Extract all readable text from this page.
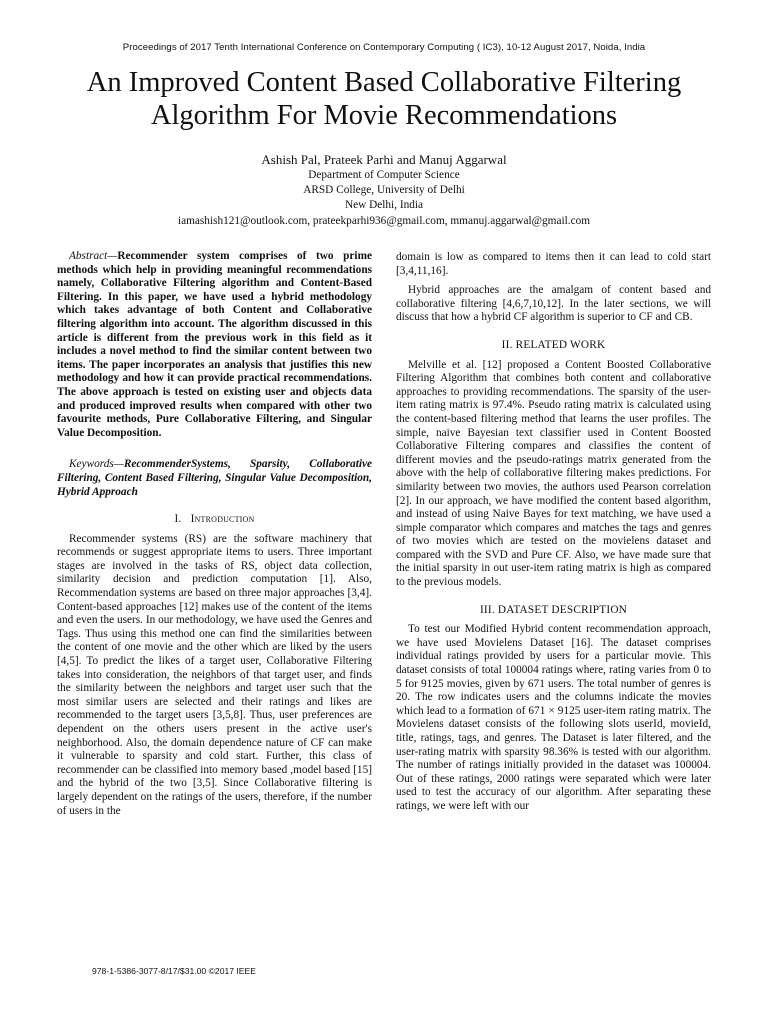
Proceedings of 2017 Tenth International Conference on Contemporary Computing ( IC3), 10-12 August 2017, Noida, India
An Improved Content Based Collaborative Filtering
Algorithm For Movie Recommendations
Ashish Pal, Prateek Parhi and Manuj Aggarwal
Department of Computer Science
ARSD College, University of Delhi
New Delhi, India
iamashish121@outlook.com, prateekparhi936@gmail.com, mmanuj.aggarwal@gmail.com

Abstract—Recommender system comprises of two prime methods which help in providing meaningful recommendations namely, Collaborative Filtering algorithm and Content-Based Filtering. In this paper, we have used a hybrid methodology which takes advantage of both Content and Collaborative filtering algorithm into account. The algorithm discussed in this article is different from the previous work in this field as it includes a novel method to find the similar content between two items. The paper incorporates an analysis that justifies this new methodology and how it can provide practical recommendations. The above approach is tested on existing user and objects data and produced improved results when compared with other two favourite methods, Pure Collaborative Filtering, and Singular Value Decomposition.

Keywords—RecommenderSystems, Sparsity, Collaborative Filtering, Content Based Filtering, Singular Value Decomposition, Hybrid Approach

I. Introduction

Recommender systems (RS) are the software machinery that recommends or suggest appropriate items to users. Three important stages are involved in the tasks of RS, object data collection, similarity decision and prediction computation [1]. Also, Recommendation systems are based on three major approaches [3,4]. Content-based approaches [12] makes use of the content of the items and even the users. In our methodology, we have used the Genres and Tags. Thus using this method one can find the similarities between the content of one movie and the other which are liked by the users [4,5]. To predict the likes of a target user, Collaborative Filtering takes into consideration, the neighbors of that target user, and finds the similarity between the neighbors and target user such that the most similar users are selected and their ratings and likes are recommended to the target users [3,5,8]. Thus, user preferences are dependent on the others users present in the active user's neighborhood. Also, the domain dependence nature of CF can make it vulnerable to sparsity and cold start. Further, this class of recommender can be classified into memory based ,model based [15] and the hybrid of the two [3,5]. Since Collaborative filtering is largely dependent on the ratings of the users, therefore, if the number of users in the

domain is low as compared to items then it can lead to cold start [3,4,11,16].

Hybrid approaches are the amalgam of content based and collaborative filtering [4,6,7,10,12]. In the later sections, we will discuss that how a hybrid CF algorithm is superior to CF and CB.

II. RELATED WORK

Melville et al. [12] proposed a Content Boosted Collaborative Filtering Algorithm that combines both content and collaborative approaches to providing recommendations. The sparsity of the user-item rating matrix is 97.4%. Pseudo rating matrix is calculated using the content-based filtering method that learns the user profiles. The simple, naive Bayesian text classifier used in Content Boosted Collaborative Filtering compares and classifies the content of different movies and the pseudo-ratings matrix generated from the above with the help of collaborative filtering makes predictions. For similarity between two movies, the authors used Pearson correlation [2]. In our approach, we have modified the content based algorithm, and instead of using Naive Bayes for text matching, we have used a simple comparator which compares and matches the tags and genres of two movies which are tested on the movielens dataset and compared with the SVD and Pure CF. Also, we have made sure that the initial sparsity in out user-item rating matrix is high as compared to the previous models.

III. DATASET DESCRIPTION

To test our Modified Hybrid content recommendation approach, we have used Movielens Dataset [16]. The dataset comprises individual ratings provided by users for a particular movie. This dataset consists of total 100004 ratings where, rating varies from 0 to 5 for 9125 movies, given by 671 users. The total number of genres is 20. The row indicates users and the columns indicate the movies which lead to a formation of 671 × 9125 user-item rating matrix. The Movielens dataset consists of the following slots userId, movieId, title, ratings, tags, and genres. The Dataset is later filtered, and the user-rating matrix with sparsity 98.36% is tested with our algorithm. The number of ratings initially provided in the dataset was 100004. Out of these ratings, 2000 ratings were separated which were later used to test the accuracy of our algorithm. After separating these ratings, we were left with our

978-1-5386-3077-8/17/$31.00 ©2017 IEEE
